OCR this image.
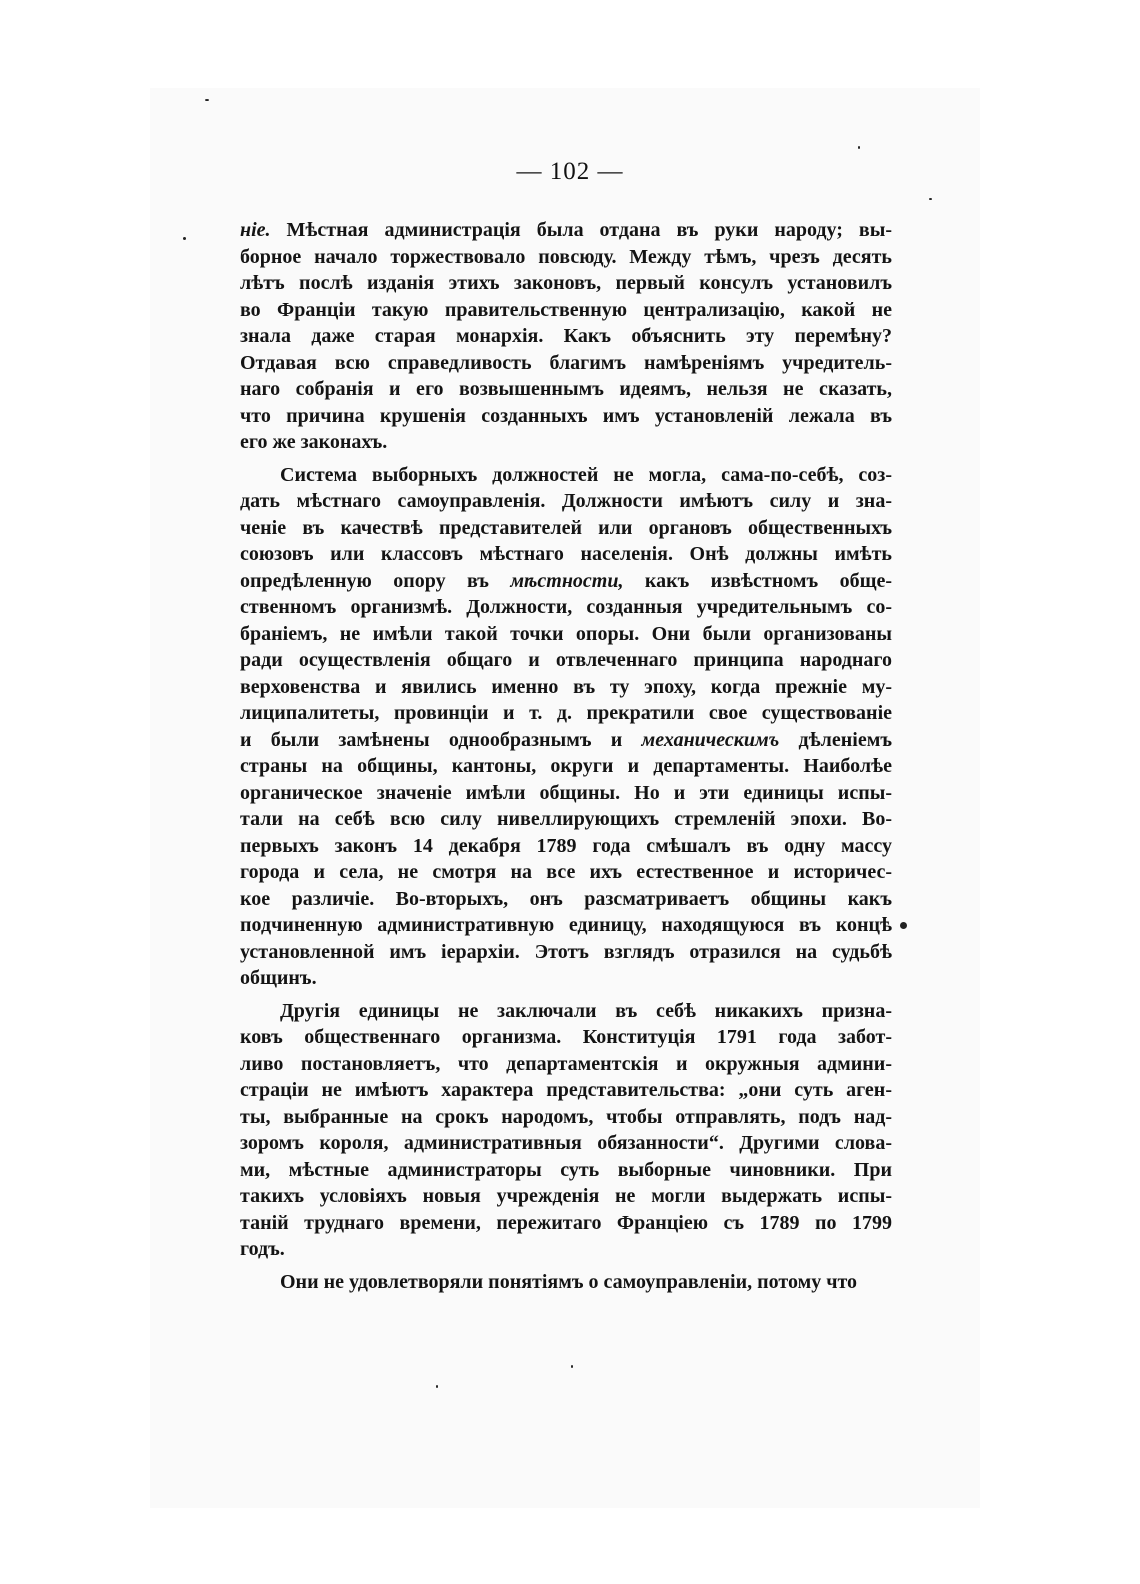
— 102 —
ніе. Мѣстная администрація была отдана въ руки народу; вы-
борное начало торжествовало повсюду. Между тѣмъ, чрезъ десять
лѣтъ послѣ изданія этихъ законовъ, первый консулъ установилъ
во Франціи такую правительственную централизацію, какой не
знала даже старая монархія. Какъ объяснить эту перемѣну?
Отдавая всю справедливость благимъ намѣреніямъ учредитель-
наго собранія и его возвышеннымъ идеямъ, нельзя не сказать,
что причина крушенія созданныхъ имъ установленій лежала въ
его же законахъ.
Система выборныхъ должностей не могла, сама-по-себѣ, соз-
дать мѣстнаго самоуправленія. Должности имѣютъ силу и зна-
ченіе въ качествѣ представителей или органовъ общественныхъ
союзовъ или классовъ мѣстнаго населенія. Онѣ должны имѣть
опредѣленную опору въ мѣстности, какъ извѣстномъ обще-
ственномъ организмѣ. Должности, созданныя учредительнымъ со-
браніемъ, не имѣли такой точки опоры. Они были организованы
ради осуществленія общаго и отвлеченнаго принципа народнаго
верховенства и явились именно въ ту эпоху, когда прежніе му-
лиципалитеты, провинціи и т. д. прекратили свое существованіе
и были замѣнены однообразнымъ и механическимъ дѣленіемъ
страны на общины, кантоны, округи и департаменты. Наиболѣе
органическое значеніе имѣли общины. Но и эти единицы испы-
тали на себѣ всю силу нивеллирующихъ стремленій эпохи. Во-
первыхъ законъ 14 декабря 1789 года смѣшалъ въ одну массу
города и села, не смотря на все ихъ естественное и историчес-
кое различіе. Во-вторыхъ, онъ разсматриваетъ общины какъ
подчиненную административную единицу, находящуюся въ концѣ
установленной имъ іерархіи. Этотъ взглядъ отразился на судьбѣ
общинъ.
Другія единицы не заключали въ себѣ никакихъ призна-
ковъ общественнаго организма. Конституція 1791 года забот-
ливо постановляетъ, что департаментскія и окружныя админи-
страціи не имѣютъ характера представительства: „они суть аген-
ты, выбранные на срокъ народомъ, чтобы отправлять, подъ над-
зоромъ короля, административныя обязанности“. Другими слова-
ми, мѣстные администраторы суть выборные чиновники. При
такихъ условіяхъ новыя учрежденія не могли выдержать испы-
таній труднаго времени, пережитаго Франціею съ 1789 по 1799
годъ.
Они не удовлетворяли понятіямъ о самоуправленіи, потому что
